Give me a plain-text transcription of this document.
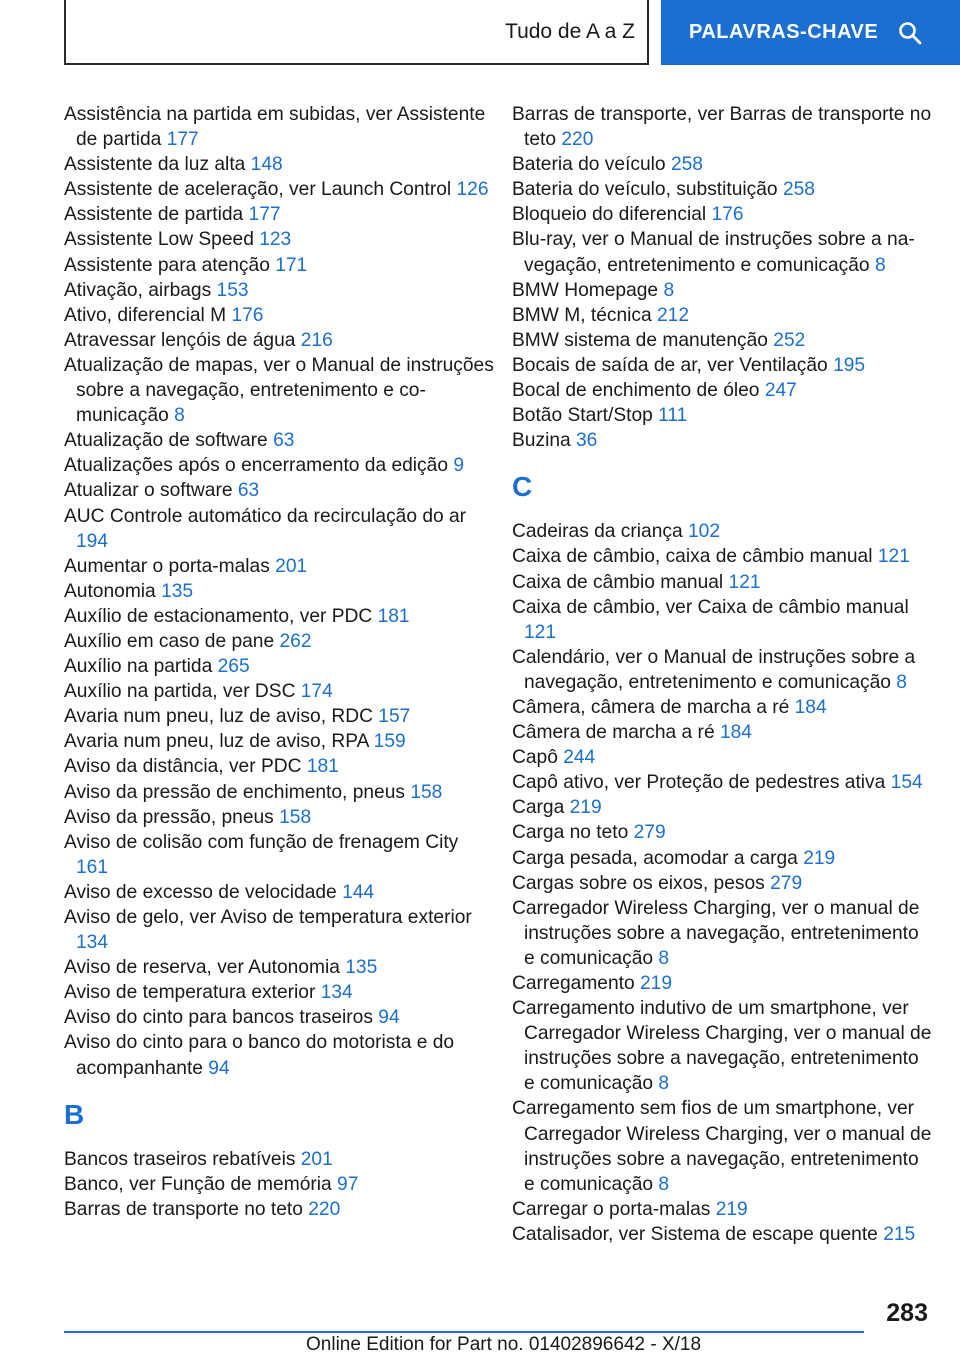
Tudo de A a Z	PALAVRAS-CHAVE
Assistência na partida em subidas, ver Assistente de partida 177
Assistente da luz alta 148
Assistente de aceleração, ver Launch Control 126
Assistente de partida 177
Assistente Low Speed 123
Assistente para atenção 171
Ativação, airbags 153
Ativo, diferencial M 176
Atravessar lençóis de água 216
Atualização de mapas, ver o Manual de instruções sobre a navegação, entretenimento e comunicação 8
Atualização de software 63
Atualizações após o encerramento da edição 9
Atualizar o software 63
AUC Controle automático da recirculação do ar194
Aumentar o porta-malas 201
Autonomia 135
Auxílio de estacionamento, ver PDC 181
Auxílio em caso de pane 262
Auxílio na partida 265
Auxílio na partida, ver DSC 174
Avaria num pneu, luz de aviso, RDC 157
Avaria num pneu, luz de aviso, RPA 159
Aviso da distância, ver PDC 181
Aviso da pressão de enchimento, pneus 158
Aviso da pressão, pneus 158
Aviso de colisão com função de frenagem City161
Aviso de excesso de velocidade 144
Aviso de gelo, ver Aviso de temperatura exterior134
Aviso de reserva, ver Autonomia 135
Aviso de temperatura exterior 134
Aviso do cinto para bancos traseiros 94
Aviso do cinto para o banco do motorista e do acompanhante 94
B
Bancos traseiros rebatíveis 201
Banco, ver Função de memória 97
Barras de transporte no teto 220
Barras de transporte, ver Barras de transporte no teto 220
Bateria do veículo 258
Bateria do veículo, substituição 258
Bloqueio do diferencial 176
Blu-ray, ver o Manual de instruções sobre a navegação, entretenimento e comunicação 8
BMW Homepage 8
BMW M, técnica 212
BMW sistema de manutenção 252
Bocais de saída de ar, ver Ventilação 195
Bocal de enchimento de óleo 247
Botão Start/Stop 111
Buzina 36
C
Cadeiras da criança 102
Caixa de câmbio, caixa de câmbio manual 121
Caixa de câmbio manual 121
Caixa de câmbio, ver Caixa de câmbio manual121
Calendário, ver o Manual de instruções sobre a navegação, entretenimento e comunicação 8
Câmera, câmera de marcha a ré 184
Câmera de marcha a ré 184
Capô 244
Capô ativo, ver Proteção de pedestres ativa 154
Carga 219
Carga no teto 279
Carga pesada, acomodar a carga 219
Cargas sobre os eixos, pesos 279
Carregador Wireless Charging, ver o manual de instruções sobre a navegação, entretenimento e comunicação 8
Carregamento 219
Carregamento indutivo de um smartphone, ver Carregador Wireless Charging, ver o manual de instruções sobre a navegação, entretenimento e comunicação 8
Carregamento sem fios de um smartphone, ver Carregador Wireless Charging, ver o manual de instruções sobre a navegação, entretenimento e comunicação 8
Carregar o porta-malas 219
Catalisador, ver Sistema de escape quente 215
283
Online Edition for Part no. 01402896642 - X/18
